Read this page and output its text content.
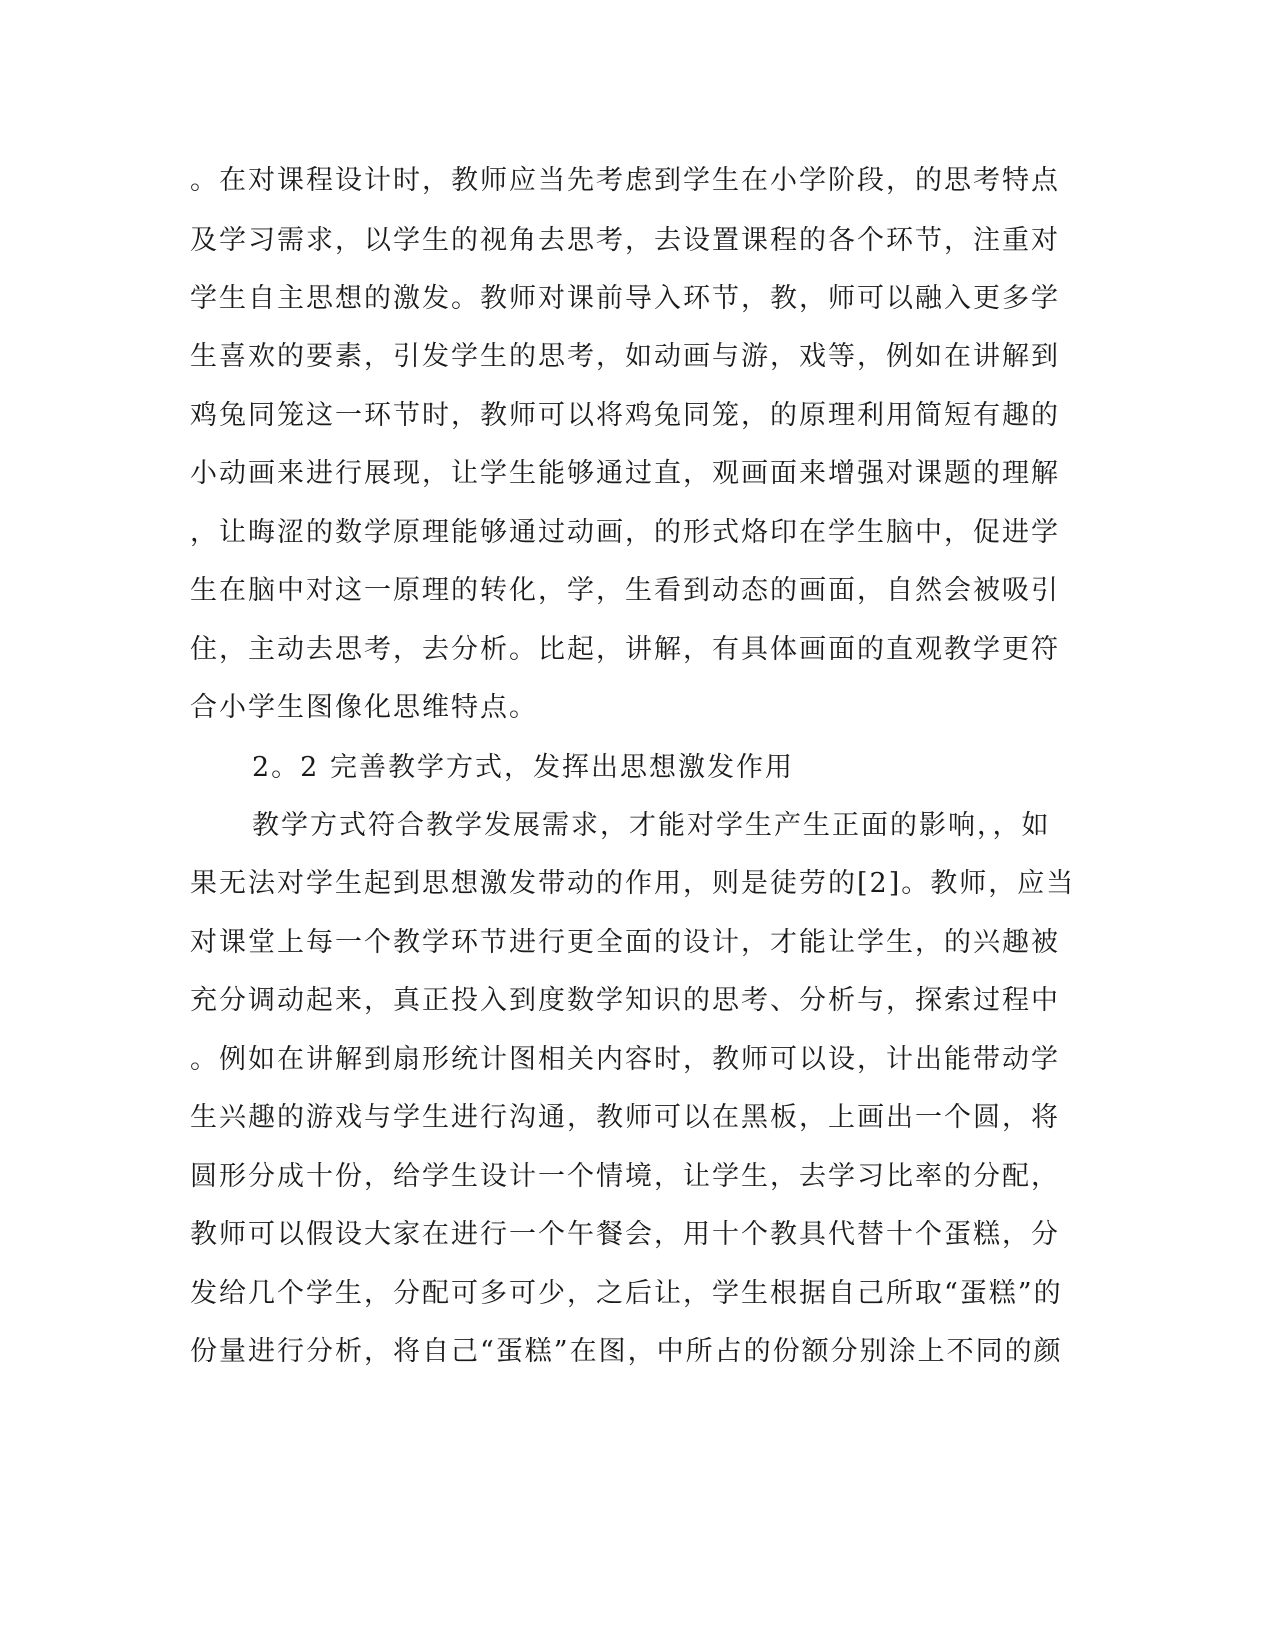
。在对课程设计时，教师应当先考虑到学生在小学阶段，的思考特点
及学习需求，以学生的视角去思考，去设置课程的各个环节，注重对
学生自主思想的激发。教师对课前导入环节，教，师可以融入更多学
生喜欢的要素，引发学生的思考，如动画与游，戏等，例如在讲解到
鸡兔同笼这一环节时，教师可以将鸡兔同笼，的原理利用简短有趣的
小动画来进行展现，让学生能够通过直，观画面来增强对课题的理解
，让晦涩的数学原理能够通过动画，的形式烙印在学生脑中，促进学
生在脑中对这一原理的转化，学，生看到动态的画面，自然会被吸引
住，主动去思考，去分析。比起，讲解，有具体画面的直观教学更符
合小学生图像化思维特点。
2。2 完善教学方式，发挥出思想激发作用
教学方式符合教学发展需求，才能对学生产生正面的影响，，如
果无法对学生起到思想激发带动的作用，则是徒劳的[2]。教师，应当
对课堂上每一个教学环节进行更全面的设计，才能让学生，的兴趣被
充分调动起来，真正投入到度数学知识的思考、分析与，探索过程中
。例如在讲解到扇形统计图相关内容时，教师可以设，计出能带动学
生兴趣的游戏与学生进行沟通，教师可以在黑板，上画出一个圆，将
圆形分成十份，给学生设计一个情境，让学生，去学习比率的分配，
教师可以假设大家在进行一个午餐会，用十个教具代替十个蛋糕，分
发给几个学生，分配可多可少，之后让，学生根据自己所取“蛋糕”的
份量进行分析，将自己“蛋糕”在图，中所占的份额分别涂上不同的颜
